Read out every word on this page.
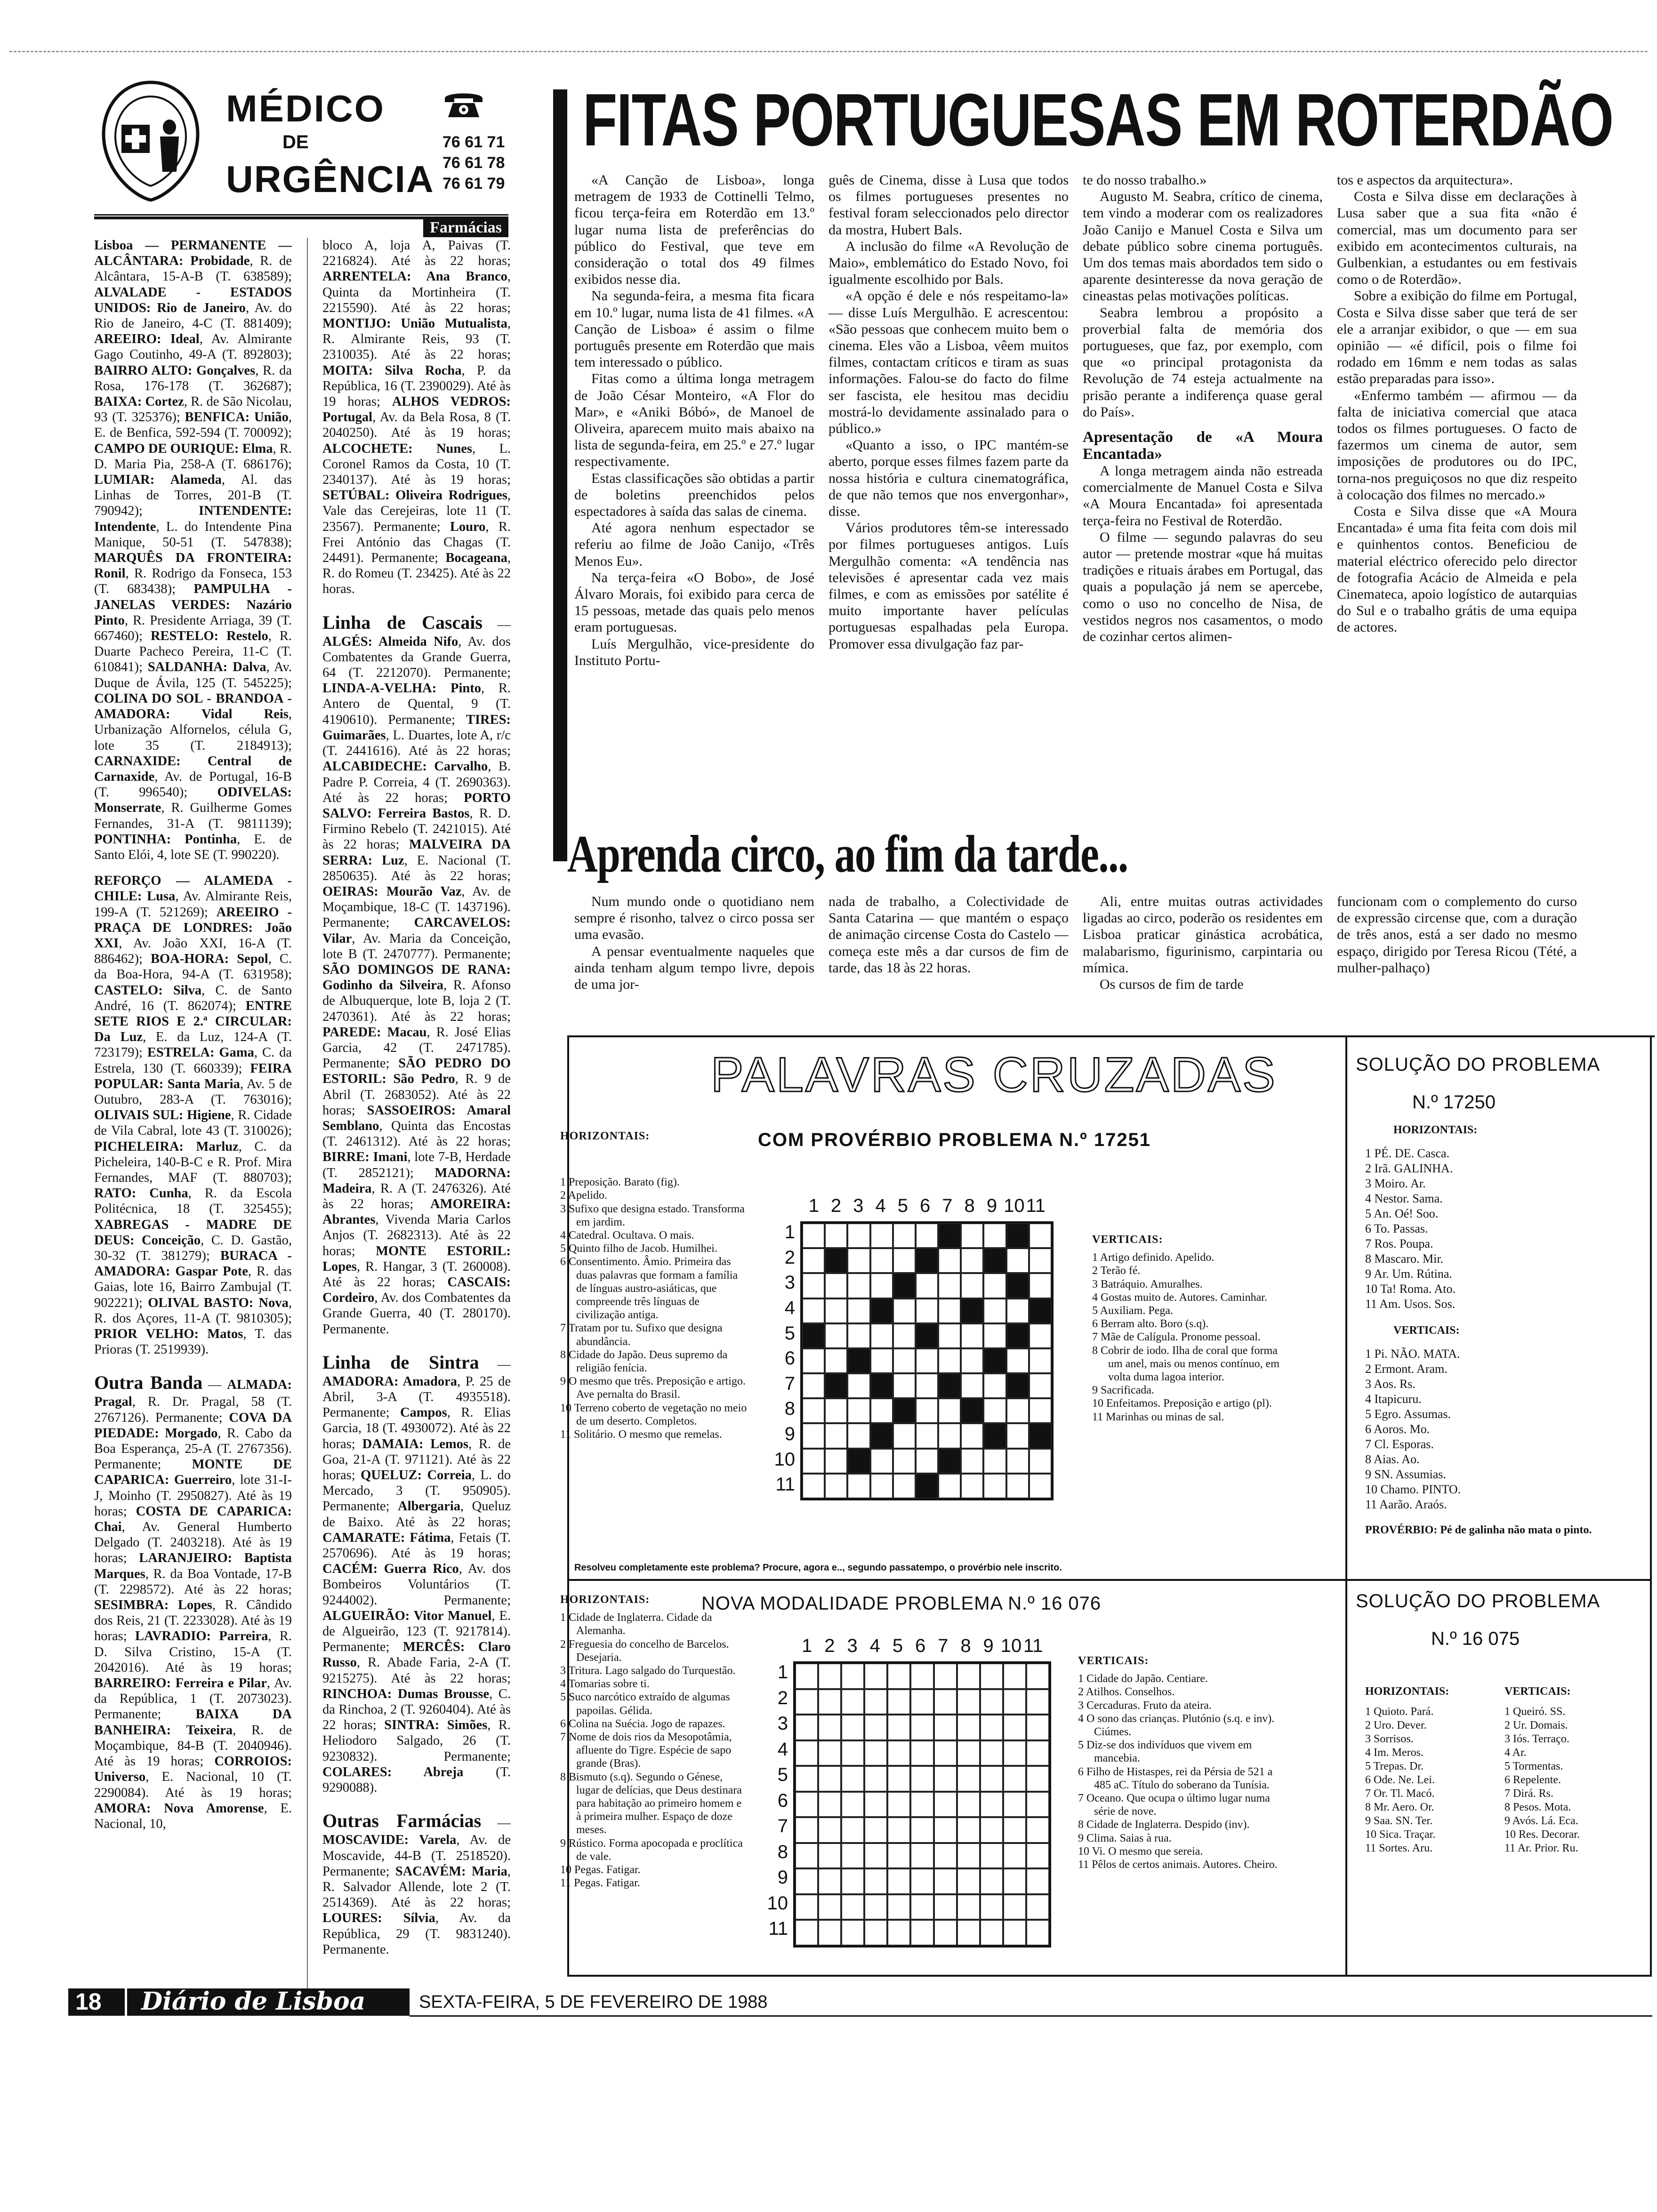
MÉDICO
DE
URGÊNCIA
76 61 71
76 61 78
76 61 79
Farmácias

Lisboa — PERMANENTE — ALCÂNTARA: Probidade, R. de Alcântara, 15-A-B (T. 638589); ALVALADE - ESTADOS UNIDOS: Rio de Janeiro, Av. do Rio de Janeiro, 4-C (T. 881409); AREEIRO: Ideal, Av. Almirante Gago Coutinho, 49-A (T. 892803); BAIRRO ALTO: Gonçalves, R. da Rosa, 176-178 (T. 362687); BAIXA: Cortez, R. de São Nicolau, 93 (T. 325376); BENFICA: União, E. de Benfica, 592-594 (T. 700092); CAMPO DE OURIQUE: Elma, R. D. Maria Pia, 258-A (T. 686176); LUMIAR: Alameda, Al. das Linhas de Torres, 201-B (T. 790942); INTENDENTE: Intendente, L. do Intendente Pina Manique, 50-51 (T. 547838); MARQUÊS DA FRONTEIRA: Ronil, R. Rodrigo da Fonseca, 153 (T. 683438); PAMPULHA - JANELAS VERDES: Nazário Pinto, R. Presidente Arriaga, 39 (T. 667460); RESTELO: Restelo, R. Duarte Pacheco Pereira, 11-C (T. 610841); SALDANHA: Dalva, Av. Duque de Ávila, 125 (T. 545225); COLINA DO SOL - BRANDOA - AMADORA: Vidal Reis, Urbanização Alfornelos, célula G, lote 35 (T. 2184913); CARNAXIDE: Central de Carnaxide, Av. de Portugal, 16-B (T. 996540); ODIVELAS: Monserrate, R. Guilherme Gomes Fernandes, 31-A (T. 9811139); PONTINHA: Pontinha, E. de Santo Elói, 4, lote SE (T. 990220).

REFORÇO — ALAMEDA - CHILE: Lusa, Av. Almirante Reis, 199-A (T. 521269); AREEIRO - PRAÇA DE LONDRES: João XXI, Av. João XXI, 16-A (T. 886462); BOA-HORA: Sepol, C. da Boa-Hora, 94-A (T. 631958); CASTELO: Silva, C. de Santo André, 16 (T. 862074); ENTRE SETE RIOS E 2.ª CIRCULAR: Da Luz, E. da Luz, 124-A (T. 723179); ESTRELA: Gama, C. da Estrela, 130 (T. 660339); FEIRA POPULAR: Santa Maria, Av. 5 de Outubro, 283-A (T. 763016); OLIVAIS SUL: Higiene, R. Cidade de Vila Cabral, lote 43 (T. 310026); PICHELEIRA: Marluz, C. da Picheleira, 140-B-C e R. Prof. Mira Fernandes, MAF (T. 880703); RATO: Cunha, R. da Escola Politécnica, 18 (T. 325455); XABREGAS - MADRE DE DEUS: Conceição, C. D. Gastão, 30-32 (T. 381279); BURACA - AMADORA: Gaspar Pote, R. das Gaias, lote 16, Bairro Zambujal (T. 902221); OLIVAL BASTO: Nova, R. dos Açores, 11-A (T. 9810305); PRIOR VELHO: Matos, T. das Prioras (T. 2519939).

Outra Banda — ALMADA: Pragal, R. Dr. Pragal, 58 (T. 2767126). Permanente; COVA DA PIEDADE: Morgado, R. Cabo da Boa Esperança, 25-A (T. 2767356). Permanente; MONTE DE CAPARICA: Guerreiro, lote 31-I-J, Moinho (T. 2950827). Até às 19 horas; COSTA DE CAPARICA: Chai, Av. General Humberto Delgado (T. 2403218). Até às 19 horas; LARANJEIRO: Baptista Marques, R. da Boa Vontade, 17-B (T. 2298572). Até às 22 horas; SESIMBRA: Lopes, R. Cândido dos Reis, 21 (T. 2233028). Até às 19 horas; LAVRADIO: Parreira, R. D. Silva Cristino, 15-A (T. 2042016). Até às 19 horas; BARREIRO: Ferreira e Pilar, Av. da República, 1 (T. 2073023). Permanente; BAIXA DA BANHEIRA: Teixeira, R. de Moçambique, 84-B (T. 2040946). Até às 19 horas; CORROIOS: Universo, E. Nacional, 10 (T. 2290084). Até às 19 horas; AMORA: Nova Amorense, E. Nacional, 10,

bloco A, loja A, Paivas (T. 2216824). Até às 22 horas; ARRENTELA: Ana Branco, Quinta da Mortinheira (T. 2215590). Até às 22 horas; MONTIJO: União Mutualista, R. Almirante Reis, 93 (T. 2310035). Até às 22 horas; MOITA: Silva Rocha, P. da República, 16 (T. 2390029). Até às 19 horas; ALHOS VEDROS: Portugal, Av. da Bela Rosa, 8 (T. 2040250). Até às 19 horas; ALCOCHETE: Nunes, L. Coronel Ramos da Costa, 10 (T. 2340137). Até às 19 horas; SETÚBAL: Oliveira Rodrigues, Vale das Cerejeiras, lote 11 (T. 23567). Permanente; Louro, R. Frei António das Chagas (T. 24491). Permanente; Bocageana, R. do Romeu (T. 23425). Até às 22 horas.

Linha de Cascais — ALGÉS: Almeida Nifo, Av. dos Combatentes da Grande Guerra, 64 (T. 2212070). Permanente; LINDA-A-VELHA: Pinto, R. Antero de Quental, 9 (T. 4190610). Permanente; TIRES: Guimarães, L. Duartes, lote A, r/c (T. 2441616). Até às 22 horas; ALCABIDECHE: Carvalho, B. Padre P. Correia, 4 (T. 2690363). Até às 22 horas; PORTO SALVO: Ferreira Bastos, R. D. Firmino Rebelo (T. 2421015). Até às 22 horas; MALVEIRA DA SERRA: Luz, E. Nacional (T. 2850635). Até às 22 horas; OEIRAS: Mourão Vaz, Av. de Moçambique, 18-C (T. 1437196). Permanente; CARCAVELOS: Vilar, Av. Maria da Conceição, lote B (T. 2470777). Permanente; SÃO DOMINGOS DE RANA: Godinho da Silveira, R. Afonso de Albuquerque, lote B, loja 2 (T. 2470361). Até às 22 horas; PAREDE: Macau, R. José Elias Garcia, 42 (T. 2471785). Permanente; SÃO PEDRO DO ESTORIL: São Pedro, R. 9 de Abril (T. 2683052). Até às 22 horas; SASSOEIROS: Amaral Semblano, Quinta das Encostas (T. 2461312). Até às 22 horas; BIRRE: Imani, lote 7-B, Herdade (T. 2852121); MADORNA: Madeira, R. A (T. 2476326). Até às 22 horas; AMOREIRA: Abrantes, Vivenda Maria Carlos Anjos (T. 2682313). Até às 22 horas; MONTE ESTORIL: Lopes, R. Hangar, 3 (T. 260008). Até às 22 horas; CASCAIS: Cordeiro, Av. dos Combatentes da Grande Guerra, 40 (T. 280170). Permanente.

Linha de Sintra — AMADORA: Amadora, P. 25 de Abril, 3-A (T. 4935518). Permanente; Campos, R. Elias Garcia, 18 (T. 4930072). Até às 22 horas; DAMAIA: Lemos, R. de Goa, 21-A (T. 971121). Até às 22 horas; QUELUZ: Correia, L. do Mercado, 3 (T. 950905). Permanente; Albergaria, Queluz de Baixo. Até às 22 horas; CAMARATE: Fátima, Fetais (T. 2570696). Até às 19 horas; CACÉM: Guerra Rico, Av. dos Bombeiros Voluntários (T. 9244002). Permanente; ALGUEIRÃO: Vitor Manuel, E. de Algueirão, 123 (T. 9217814). Permanente; MERCÊS: Claro Russo, R. Abade Faria, 2-A (T. 9215275). Até às 22 horas; RINCHOA: Dumas Brousse, C. da Rinchoa, 2 (T. 9260404). Até às 22 horas; SINTRA: Simões, R. Heliodoro Salgado, 26 (T. 9230832). Permanente; COLARES: Abreja (T. 9290088).

Outras Farmácias — MOSCAVIDE: Varela, Av. de Moscavide, 44-B (T. 2518520). Permanente; SACAVÉM: Maria, R. Salvador Allende, lote 2 (T. 2514369). Até às 22 horas; LOURES: Sílvia, Av. da República, 29 (T. 9831240). Permanente.

FITAS PORTUGUESAS EM ROTERDÃO

«A Canção de Lisboa», longa metragem de 1933 de Cottinelli Telmo, ficou terça-feira em Roterdão em 13.º lugar numa lista de preferências do público do Festival, que teve em consideração o total dos 49 filmes exibidos nesse dia.

Na segunda-feira, a mesma fita ficara em 10.º lugar, numa lista de 41 filmes. «A Canção de Lisboa» é assim o filme português presente em Roterdão que mais tem interessado o público.

Fitas como a última longa metragem de João César Monteiro, «A Flor do Mar», e «Aniki Bóbó», de Manoel de Oliveira, aparecem muito mais abaixo na lista de segunda-feira, em 25.º e 27.º lugar respectivamente.

Estas classificações são obtidas a partir de boletins preenchidos pelos espectadores à saída das salas de cinema.

Até agora nenhum espectador se referiu ao filme de João Canijo, «Três Menos Eu».

Na terça-feira «O Bobo», de José Álvaro Morais, foi exibido para cerca de 15 pessoas, metade das quais pelo menos eram portuguesas.

Luís Mergulhão, vice-presidente do Instituto Portu-

guês de Cinema, disse à Lusa que todos os filmes portugueses presentes no festival foram seleccionados pelo director da mostra, Hubert Bals.

A inclusão do filme «A Revolução de Maio», emblemático do Estado Novo, foi igualmente escolhido por Bals.

«A opção é dele e nós respeitamo-la» — disse Luís Mergulhão. E acrescentou: «São pessoas que conhecem muito bem o cinema. Eles vão a Lisboa, vêem muitos filmes, contactam críticos e tiram as suas informações. Falou-se do facto do filme ser fascista, ele hesitou mas decidiu mostrá-lo devidamente assinalado para o público.»

«Quanto a isso, o IPC mantém-se aberto, porque esses filmes fazem parte da nossa história e cultura cinematográfica, de que não temos que nos envergonhar», disse.

Vários produtores têm-se interessado por filmes portugueses antigos. Luís Mergulhão comenta: «A tendência nas televisões é apresentar cada vez mais filmes, e com as emissões por satélite é muito importante haver películas portuguesas espalhadas pela Europa. Promover essa divulgação faz par-

te do nosso trabalho.»

Augusto M. Seabra, crítico de cinema, tem vindo a moderar com os realizadores João Canijo e Manuel Costa e Silva um debate público sobre cinema português. Um dos temas mais abordados tem sido o aparente desinteresse da nova geração de cineastas pelas motivações políticas.

Seabra lembrou a propósito a proverbial falta de memória dos portugueses, que faz, por exemplo, com que «o principal protagonista da Revolução de 74 esteja actualmente na prisão perante a indiferença quase geral do País».

Apresentação de «A Moura Encantada»

A longa metragem ainda não estreada comercialmente de Manuel Costa e Silva «A Moura Encantada» foi apresentada terça-feira no Festival de Roterdão.

O filme — segundo palavras do seu autor — pretende mostrar «que há muitas tradições e rituais árabes em Portugal, das quais a população já nem se apercebe, como o uso no concelho de Nisa, de vestidos negros nos casamentos, o modo de cozinhar certos alimen-

tos e aspectos da arquitectura».

Costa e Silva disse em declarações à Lusa saber que a sua fita «não é comercial, mas um documento para ser exibido em acontecimentos culturais, na Gulbenkian, a estudantes ou em festivais como o de Roterdão».

Sobre a exibição do filme em Portugal, Costa e Silva disse saber que terá de ser ele a arranjar exibidor, o que — em sua opinião — «é difícil, pois o filme foi rodado em 16mm e nem todas as salas estão preparadas para isso».

«Enfermo também — afirmou — da falta de iniciativa comercial que ataca todos os filmes portugueses. O facto de fazermos um cinema de autor, sem imposições de produtores ou do IPC, torna-nos preguiçosos no que diz respeito à colocação dos filmes no mercado.»

Costa e Silva disse que «A Moura Encantada» é uma fita feita com dois mil e quinhentos contos. Beneficiou de material eléctrico oferecido pelo director de fotografia Acácio de Almeida e pela Cinemateca, apoio logístico de autarquias do Sul e o trabalho grátis de uma equipa de actores.

Aprenda circo, ao fim da tarde...

Num mundo onde o quotidiano nem sempre é risonho, talvez o circo possa ser uma evasão.

A pensar eventualmente naqueles que ainda tenham algum tempo livre, depois de uma jor-

nada de trabalho, a Colectividade de Santa Catarina — que mantém o espaço de animação circense Costa do Castelo — começa este mês a dar cursos de fim de tarde, das 18 às 22 horas.

Ali, entre muitas outras actividades ligadas ao circo, poderão os residentes em Lisboa praticar ginástica acrobática, malabarismo, figurinismo, carpintaria ou mímica.

Os cursos de fim de tarde

funcionam com o complemento do curso de expressão circense que, com a duração de três anos, está a ser dado no mesmo espaço, dirigido por Teresa Ricou (Tété, a mulher-palhaço)

PALAVRAS CRUZADAS
COM PROVÉRBIO PROBLEMA N.º 17251
HORIZONTAIS:

1 Preposição. Barato (fig).

2 Apelido.

3 Sufixo que designa estado. Transforma em jardim.

4 Catedral. Ocultava. O mais.

5 Quinto filho de Jacob. Humilhei.

6 Consentimento. Âmio. Primeira das duas palavras que formam a família de línguas austro-asiáticas, que compreende três línguas de civilização antiga.

7 Tratam por tu. Sufixo que designa abundância.

8 Cidade do Japão. Deus supremo da religião fenícia.

9 O mesmo que três. Preposição e artigo. Ave pernalta do Brasil.

10 Terreno coberto de vegetação no meio de um deserto. Completos.

11 Solitário. O mesmo que remelas.

1 2 3 4 5 6 7 8 9 10 11
1
2
3
4
5
6
7
8
9
10
11
VERTICAIS:

1 Artigo definido. Apelido.

2 Terão fé.

3 Batráquio. Amuralhes.

4 Gostas muito de. Autores. Caminhar.

5 Auxiliam. Pega.

6 Berram alto. Boro (s.q).

7 Mãe de Calígula. Pronome pessoal.

8 Cobrir de iodo. Ilha de coral que forma um anel, mais ou menos contínuo, em volta duma lagoa interior.

9 Sacrificada.

10 Enfeitamos. Preposição e artigo (pl).

11 Marinhas ou minas de sal.

Resolveu completamente este problema? Procure, agora e.., segundo passatempo, o provérbio nele inscrito.
SOLUÇÃO DO PROBLEMA
N.º 17250

HORIZONTAIS:

1 PÉ. DE. Casca.

2 Irã. GALINHA.

3 Moiro. Ar.

4 Nestor. Sama.

5 An. Oé! Soo.

6 To. Passas.

7 Ros. Poupa.

8 Mascaro. Mir.

9 Ar. Um. Rútina.

10 Ta! Roma. Ato.

11 Am. Usos. Sos.

VERTICAIS:

1 Pi. NÃO. MATA.

2 Ermont. Aram.

3 Aos. Rs.

4 Itapicuru.

5 Egro. Assumas.

6 Aoros. Mo.

7 Cl. Esporas.

8 Aias. Ao.

9 SN. Assumias.

10 Chamo. PINTO.

11 Aarão. Araós.

PROVÉRBIO: Pé de galinha não mata o pinto.

NOVA MODALIDADE PROBLEMA N.º 16 076
HORIZONTAIS:

1 Cidade de Inglaterra. Cidade da Alemanha.

2 Freguesia do concelho de Barcelos. Desejaria.

3 Tritura. Lago salgado do Turquestão.

4 Tomarias sobre ti.

5 Suco narcótico extraído de algumas papoilas. Gélida.

6 Colina na Suécia. Jogo de rapazes.

7 Nome de dois rios da Mesopotâmia, afluente do Tigre. Espécie de sapo grande (Bras).

8 Bismuto (s.q). Segundo o Génese, lugar de delícias, que Deus destinara para habitação ao primeiro homem e à primeira mulher. Espaço de doze meses.

9 Rústico. Forma apocopada e proclítica de vale.

10 Pegas. Fatigar.

11 Pegas. Fatigar.

1 2 3 4 5 6 7 8 9 10 11
1
2
3
4
5
6
7
8
9
10
11
VERTICAIS:

1 Cidade do Japão. Centiare.

2 Atilhos. Conselhos.

3 Cercaduras. Fruto da ateira.

4 O sono das crianças. Plutónio (s.q. e inv). Ciúmes.

5 Diz-se dos indivíduos que vivem em mancebia.

6 Filho de Histaspes, rei da Pérsia de 521 a 485 aC. Título do soberano da Tunísia.

7 Oceano. Que ocupa o último lugar numa série de nove.

8 Cidade de Inglaterra. Despido (inv).

9 Clima. Saias à rua.

10 Vi. O mesmo que sereia.

11 Pêlos de certos animais. Autores. Cheiro.

SOLUÇÃO DO PROBLEMA
N.º 16 075

HORIZONTAIS:

1 Quioto. Pará.

2 Uro. Dever.

3 Sorrisos.

4 Im. Meros.

5 Trepas. Dr.

6 Ode. Ne. Lei.

7 Or. Tl. Macó.

8 Mr. Aero. Or.

9 Saa. SN. Ter.

10 Sica. Traçar.

11 Sortes. Aru.

VERTICAIS:

1 Queiró. SS.

2 Ur. Domais.

3 Iós. Terraço.

4 Ar.

5 Tormentas.

6 Repelente.

7 Dirá. Rs.

8 Pesos. Mota.

9 Avós. Lá. Eca.

10 Res. Decorar.

11 Ar. Prior. Ru.

18 Diário de Lisboa	SEXTA-FEIRA, 5 DE FEVEREIRO DE 1988
